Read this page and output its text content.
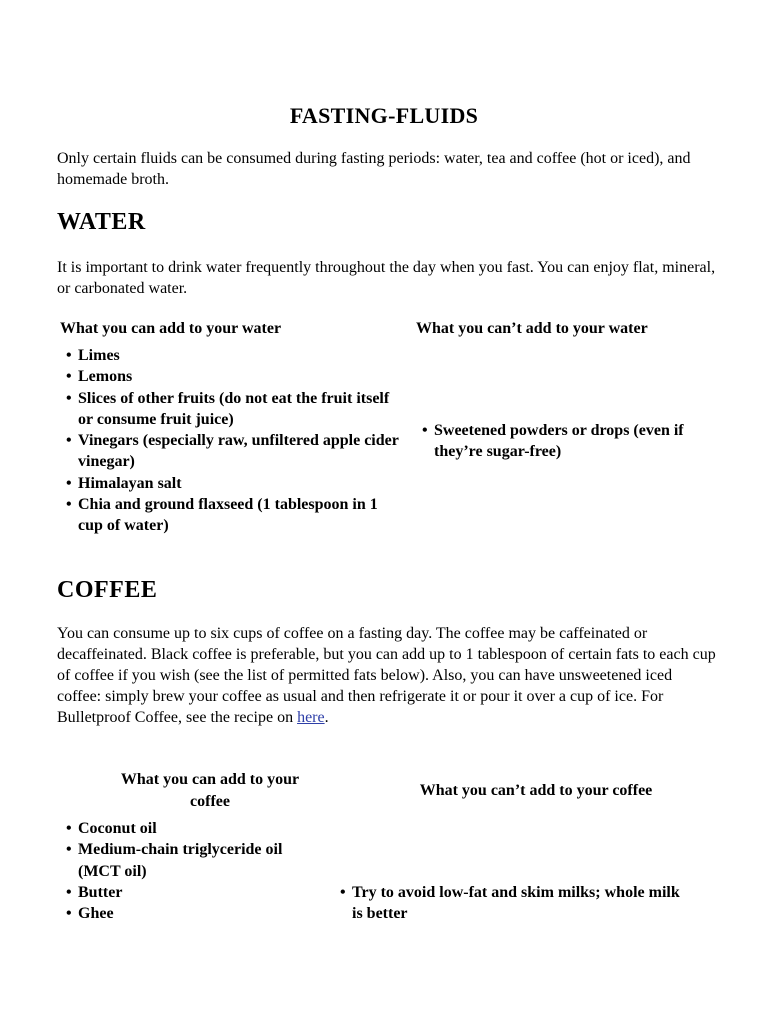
FASTING-FLUIDS

Only certain fluids can be consumed during fasting periods: water, tea and coffee (hot or iced), and homemade broth.

WATER

It is important to drink water frequently throughout the day when you fast. You can enjoy flat, mineral, or carbonated water.

What you can add to your water	What you can’t add to your water
• Limes
• Lemons
• Slices of other fruits (do not eat the fruit itself or consume fruit juice)
• Vinegars (especially raw, unfiltered apple cider vinegar)
• Himalayan salt
• Chia and ground flaxseed (1 tablespoon in 1 cup of water)
• Sweetened powders or drops (even if they’re sugar-free)
COFFEE

You can consume up to six cups of coffee on a fasting day. The coffee may be caffeinated or decaffeinated. Black coffee is preferable, but you can add up to 1 tablespoon of certain fats to each cup of coffee if you wish (see the list of permitted fats below). Also, you can have unsweetened iced coffee: simply brew your coffee as usual and then refrigerate it or pour it over a cup of ice. For Bulletproof Coffee, see the recipe on here.

What you can add to your coffee
What you can’t add to your coffee
• Coconut oil
• Medium-chain triglyceride oil (MCT oil)
• Butter
• Ghee
• Try to avoid low-fat and skim milks; whole milk is better
